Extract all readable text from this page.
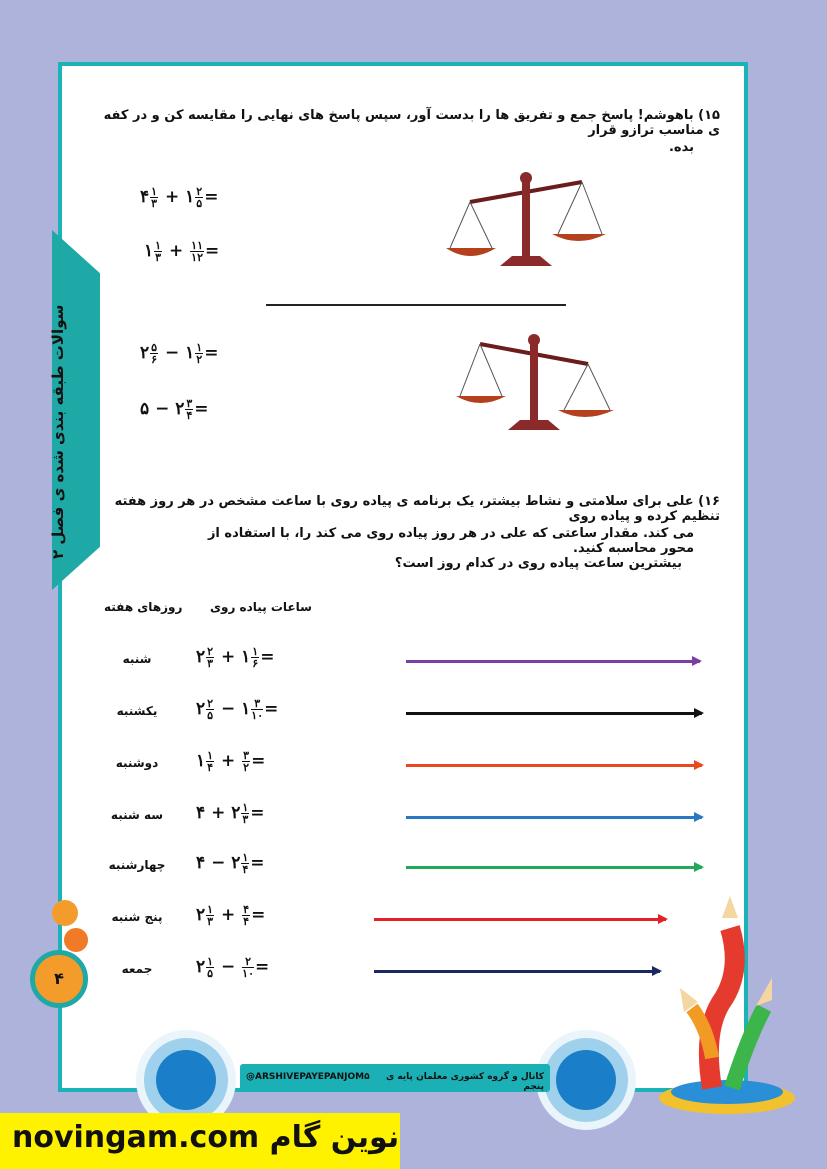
سوالات طبقه بندی شده ی فصل ۲
۱۵) باهوشم! پاسخ جمع و تفریق ها را بدست آور، سپس پاسخ های نهایی را مقایسه کن و در کفه ی مناسب ترازو قرار
بده.
۴ $\frac{۱}{۳}$ + ۱ $\frac{۲}{۵}$ =
۱ $\frac{۱}{۳} + \frac{۱۱}{۱۲}$ =
۲ $\frac{۵}{۶}$ − ۱ $\frac{۱}{۲}$ =
۵ − ۲ $\frac{۳}{۴}$ =
۱۶) علی برای سلامتی و نشاط بیشتر، یک برنامه ی پیاده روی با ساعت مشخص در هر روز هفته تنظیم کرده و پیاده روی
می کند. مقدار ساعتی که علی در هر روز پیاده روی می کند را، با استفاده از محور محاسبه کنید.
بیشترین ساعت پیاده روی در کدام روز است؟
روزهای هفته ساعات پیاده روی
شنبه	۲ $\frac{۲}{۳}$ + ۱ $\frac{۱}{۶}$ =
یکشنبه	۲ $\frac{۲}{۵}$ − ۱ $\frac{۳}{۱۰}$ =
دوشنبه	۱ $\frac{۱}{۴} + \frac{۳}{۲}$ =
سه شنبه	۴ + ۲ $\frac{۱}{۳}$ =
چهارشنبه	۴ − ۲ $\frac{۱}{۴}$ =
پنج شنبه	۲ $\frac{۱}{۳} + \frac{۴}{۴}$ =
جمعه	۲ $\frac{۱}{۵} - \frac{۲}{۱۰}$ =
@ARSHIVEPAYEPANJOM۵	کانال و گروه کشوری معلمان پایه ی پنجم
۴
novingam.com نوین گام
